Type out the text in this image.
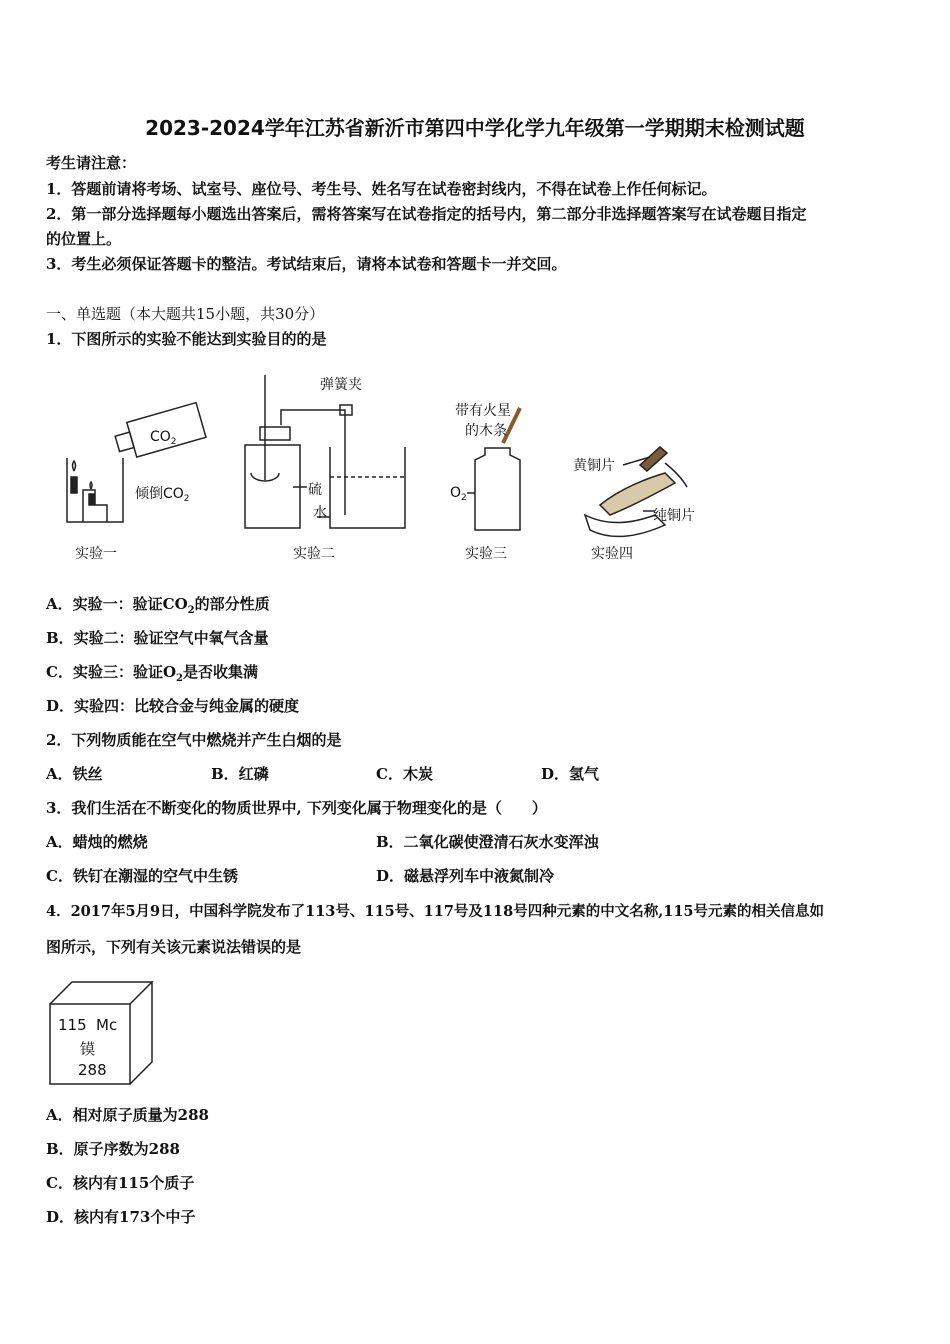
2023-2024学年江苏省新沂市第四中学化学九年级第一学期期末检测试题
考生请注意：
1．答题前请将考场、试室号、座位号、考生号、姓名写在试卷密封线内，不得在试卷上作任何标记。
2．第一部分选择题每小题选出答案后，需将答案写在试卷指定的括号内，第二部分非选择题答案写在试卷题目指定
的位置上。
3．考生必须保证答题卡的整洁。考试结束后，请将本试卷和答题卡一并交回。
一、单选题（本大题共15小题，共30分）
1．下图所示的实验不能达到实验目的的是
$CO_2$
倾倒$CO_2$
实验一
弹簧夹
硫
水
实验二
带有火星
的木条
$O_2$
实验三
黄铜片
纯铜片
实验四
A．实验一：验证$CO_2$的部分性质
B．实验二：验证空气中氧气含量
C．实验三：验证$O_2$是否收集满
D．实验四：比较合金与纯金属的硬度
2．下列物质能在空气中燃烧并产生白烟的是
A．铁丝	B．红磷	C．木炭	D．氢气
3．我们生活在不断变化的物质世界中, 下列变化属于物理变化的是（　　）
A．蜡烛的燃烧	B．二氧化碳使澄清石灰水变浑浊
C．铁钉在潮湿的空气中生锈	D．磁悬浮列车中液氮制冷
4．2017年5月9日，中国科学院发布了113号、115号、117号及118号四种元素的中文名称,115号元素的相关信息如
图所示，下列有关该元素说法错误的是
115 Mc
镆
288
A．相对原子质量为288
B．原子序数为288
C．核内有115个质子
D．核内有173个中子
